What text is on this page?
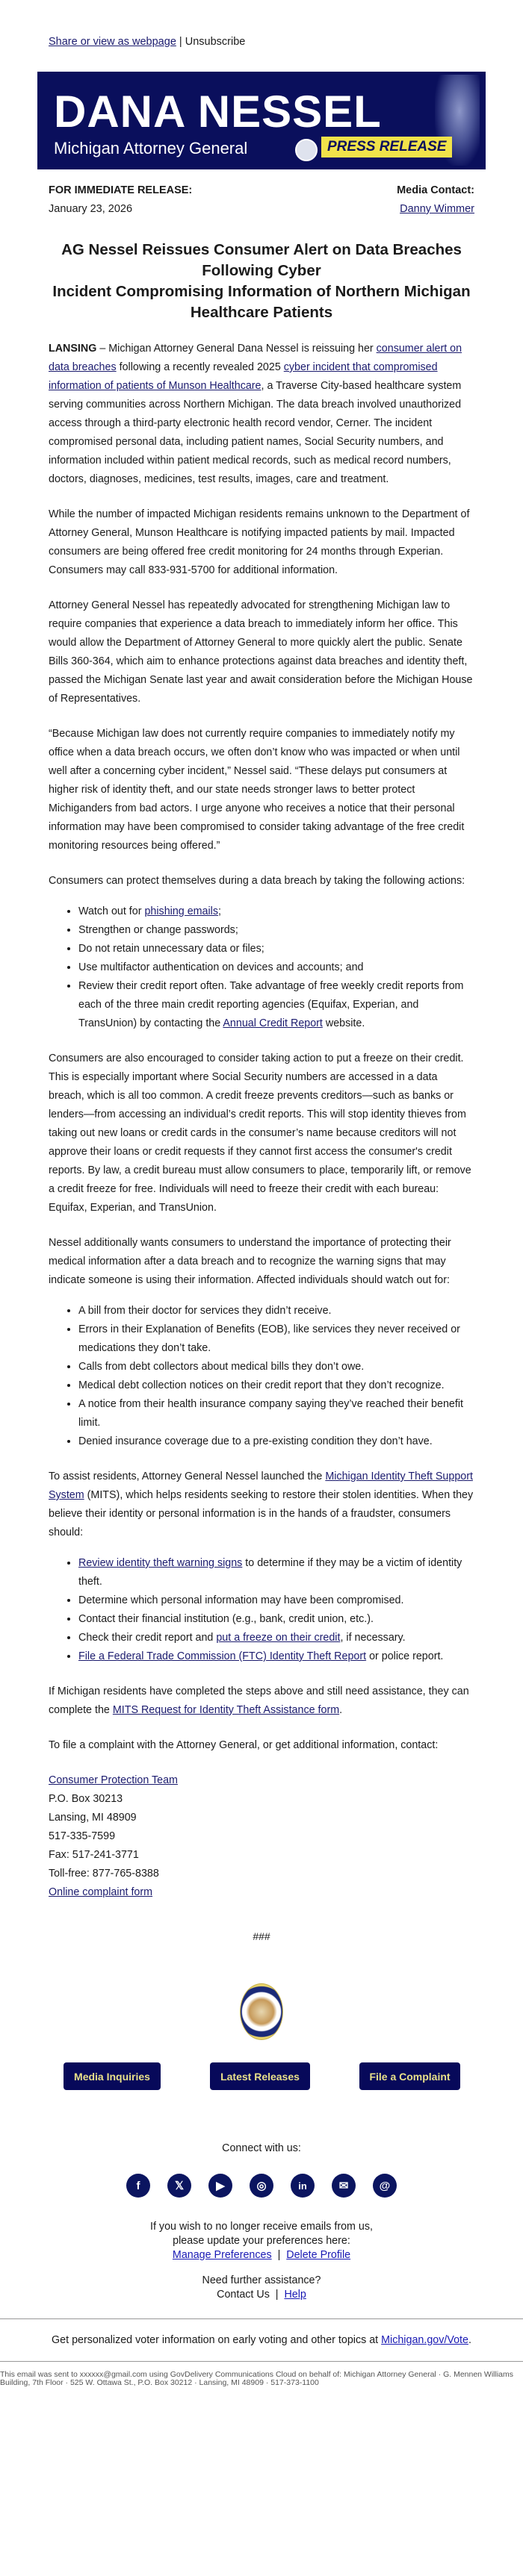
Share or view as webpage | Unsubscribe
DANA NESSEL
Michigan Attorney General	PRESS RELEASE
FOR IMMEDIATE RELEASE:
January 23, 2026
Media Contact:
Danny Wimmer
AG Nessel Reissues Consumer Alert on Data Breaches Following Cyber
Incident Compromising Information of Northern Michigan Healthcare Patients

LANSING – Michigan Attorney General Dana Nessel is reissuing her consumer alert on data breaches following a recently revealed 2025 cyber incident that compromised information of patients of Munson Healthcare, a Traverse City-based healthcare system serving communities across Northern Michigan. The data breach involved unauthorized access through a third-party electronic health record vendor, Cerner. The incident compromised personal data, including patient names, Social Security numbers, and information included within patient medical records, such as medical record numbers, doctors, diagnoses, medicines, test results, images, care and treatment.

While the number of impacted Michigan residents remains unknown to the Department of Attorney General, Munson Healthcare is notifying impacted patients by mail. Impacted consumers are being offered free credit monitoring for 24 months through Experian. Consumers may call 833-931-5700 for additional information.

Attorney General Nessel has repeatedly advocated for strengthening Michigan law to require companies that experience a data breach to immediately inform her office. This would allow the Department of Attorney General to more quickly alert the public. Senate Bills 360-364, which aim to enhance protections against data breaches and identity theft, passed the Michigan Senate last year and await consideration before the Michigan House of Representatives.

“Because Michigan law does not currently require companies to immediately notify my office when a data breach occurs, we often don’t know who was impacted or when until well after a concerning cyber incident,” Nessel said. “These delays put consumers at higher risk of identity theft, and our state needs stronger laws to better protect Michiganders from bad actors. I urge anyone who receives a notice that their personal information may have been compromised to consider taking advantage of the free credit monitoring resources being offered.”

Consumers can protect themselves during a data breach by taking the following actions:

• Watch out for phishing emails;
• Strengthen or change passwords;
• Do not retain unnecessary data or files;
• Use multifactor authentication on devices and accounts; and
• Review their credit report often. Take advantage of free weekly credit reports from each of the three main credit reporting agencies (Equifax, Experian, and TransUnion) by contacting the Annual Credit Report website.

Consumers are also encouraged to consider taking action to put a freeze on their credit. This is especially important where Social Security numbers are accessed in a data breach, which is all too common. A credit freeze prevents creditors—such as banks or lenders—from accessing an individual’s credit reports. This will stop identity thieves from taking out new loans or credit cards in the consumer’s name because creditors will not approve their loans or credit requests if they cannot first access the consumer's credit reports. By law, a credit bureau must allow consumers to place, temporarily lift, or remove a credit freeze for free. Individuals will need to freeze their credit with each bureau: Equifax, Experian, and TransUnion.

Nessel additionally wants consumers to understand the importance of protecting their medical information after a data breach and to recognize the warning signs that may indicate someone is using their information. Affected individuals should watch out for:

• A bill from their doctor for services they didn’t receive.
• Errors in their Explanation of Benefits (EOB), like services they never received or medications they don’t take.
• Calls from debt collectors about medical bills they don’t owe.
• Medical debt collection notices on their credit report that they don’t recognize.
• A notice from their health insurance company saying they’ve reached their benefit limit.
• Denied insurance coverage due to a pre-existing condition they don’t have.

To assist residents, Attorney General Nessel launched the Michigan Identity Theft Support System (MITS), which helps residents seeking to restore their stolen identities. When they believe their identity or personal information is in the hands of a fraudster, consumers should:

• Review identity theft warning signs to determine if they may be a victim of identity theft.
• Determine which personal information may have been compromised.
• Contact their financial institution (e.g., bank, credit union, etc.).
• Check their credit report and put a freeze on their credit, if necessary.
• File a Federal Trade Commission (FTC) Identity Theft Report or police report.

If Michigan residents have completed the steps above and still need assistance, they can complete the MITS Request for Identity Theft Assistance form.

To file a complaint with the Attorney General, or get additional information, contact:

Consumer Protection Team
P.O. Box 30213
Lansing, MI 48909
517-335-7599
Fax: 517-241-3771
Toll-free: 877-765-8388
Online complaint form
###
Media Inquiries	Latest Releases	File a Complaint
Connect with us:
f	𝕏	▶	◎	in	✉	@
If you wish to no longer receive emails from us,
please update your preferences here:
Manage Preferences | Delete Profile
Need further assistance?
Contact Us | Help
Get personalized voter information on early voting and other topics at Michigan.gov/Vote.
This email was sent to xxxxxx@gmail.com using GovDelivery Communications Cloud on behalf of: Michigan Attorney General · G. Mennen Williams Building, 7th Floor · 525 W. Ottawa St., P.O. Box 30212 · Lansing, MI 48909 · 517-373-1100
